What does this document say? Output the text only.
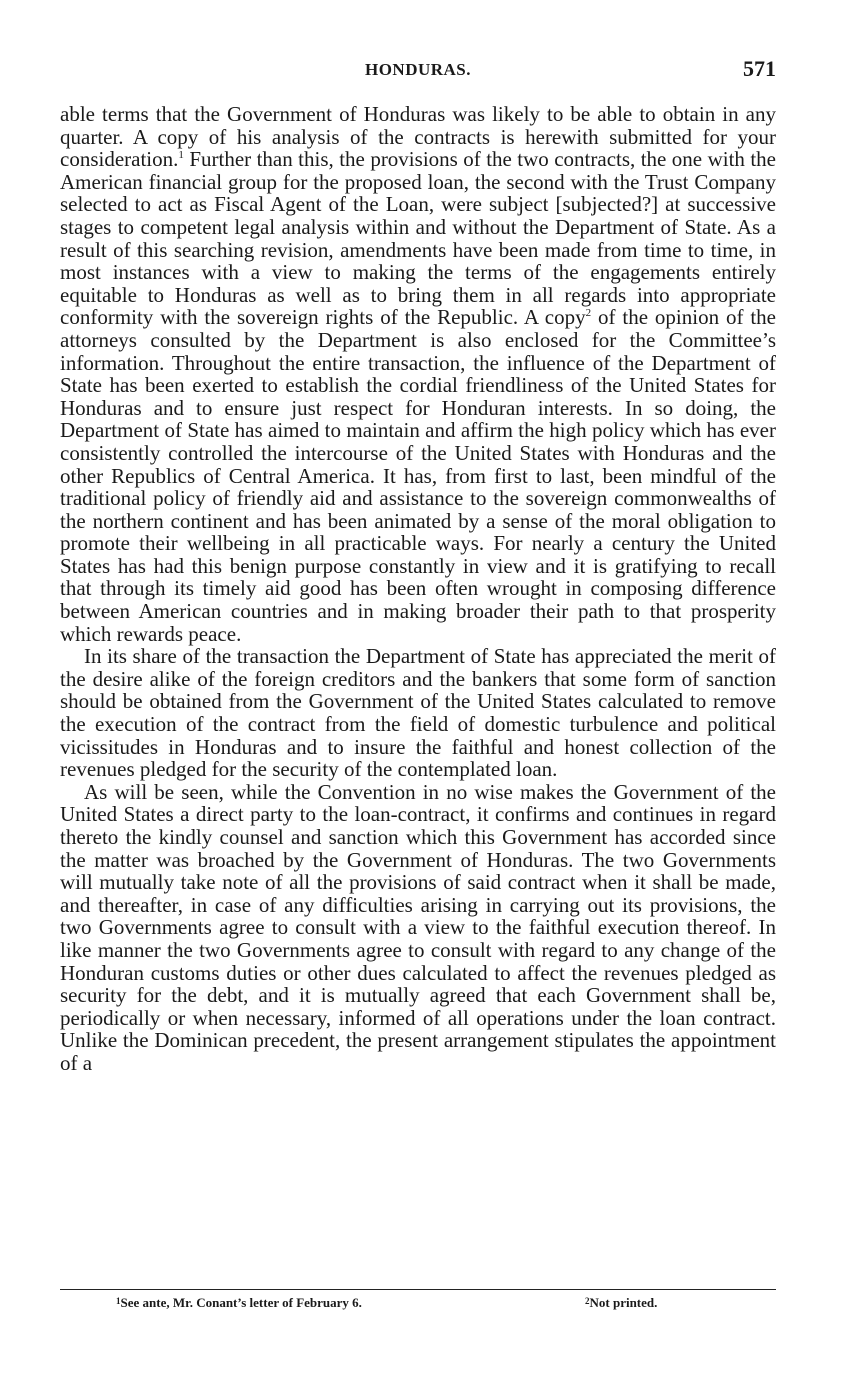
HONDURAS.	571

able terms that the Government of Honduras was likely to be able to obtain in any quarter. A copy of his analysis of the contracts is herewith submitted for your consideration.$^1$ Further than this, the provisions of the two contracts, the one with the American financial group for the proposed loan, the second with the Trust Company selected to act as Fiscal Agent of the Loan, were subject [subjected?] at successive stages to competent legal analysis within and without the Department of State. As a result of this searching revision, amendments have been made from time to time, in most instances with a view to making the terms of the engagements entirely equitable to Honduras as well as to bring them in all regards into appropriate conformity with the sovereign rights of the Republic. A copy$^2$ of the opinion of the attorneys consulted by the Department is also enclosed for the Committee’s information. Throughout the entire transaction, the influence of the Department of State has been exerted to establish the cordial friendliness of the United States for Honduras and to ensure just respect for Honduran interests. In so doing, the Department of State has aimed to maintain and affirm the high policy which has ever consistently controlled the intercourse of the United States with Honduras and the other Republics of Central America. It has, from first to last, been mindful of the traditional policy of friendly aid and assistance to the sovereign commonwealths of the northern continent and has been animated by a sense of the moral obligation to promote their wellbeing in all practicable ways. For nearly a century the United States has had this benign purpose constantly in view and it is gratifying to recall that through its timely aid good has been often wrought in composing difference between American countries and in making broader their path to that prosperity which rewards peace.

In its share of the transaction the Department of State has appreciated the merit of the desire alike of the foreign creditors and the bankers that some form of sanction should be obtained from the Government of the United States calculated to remove the execution of the contract from the field of domestic turbulence and political vicissitudes in Honduras and to insure the faithful and honest collection of the revenues pledged for the security of the contemplated loan.

As will be seen, while the Convention in no wise makes the Government of the United States a direct party to the loan-contract, it confirms and continues in regard thereto the kindly counsel and sanction which this Government has accorded since the matter was broached by the Government of Honduras. The two Governments will mutually take note of all the provisions of said contract when it shall be made, and thereafter, in case of any difficulties arising in carrying out its provisions, the two Governments agree to consult with a view to the faithful execution thereof. In like manner the two Governments agree to consult with regard to any change of the Honduran customs duties or other dues calculated to affect the revenues pledged as security for the debt, and it is mutually agreed that each Government shall be, periodically or when necessary, informed of all operations under the loan contract. Unlike the Dominican precedent, the present arrangement stipulates the appointment of a

$^1$See ante, Mr. Conant’s letter of February 6.	$^2$Not printed.
